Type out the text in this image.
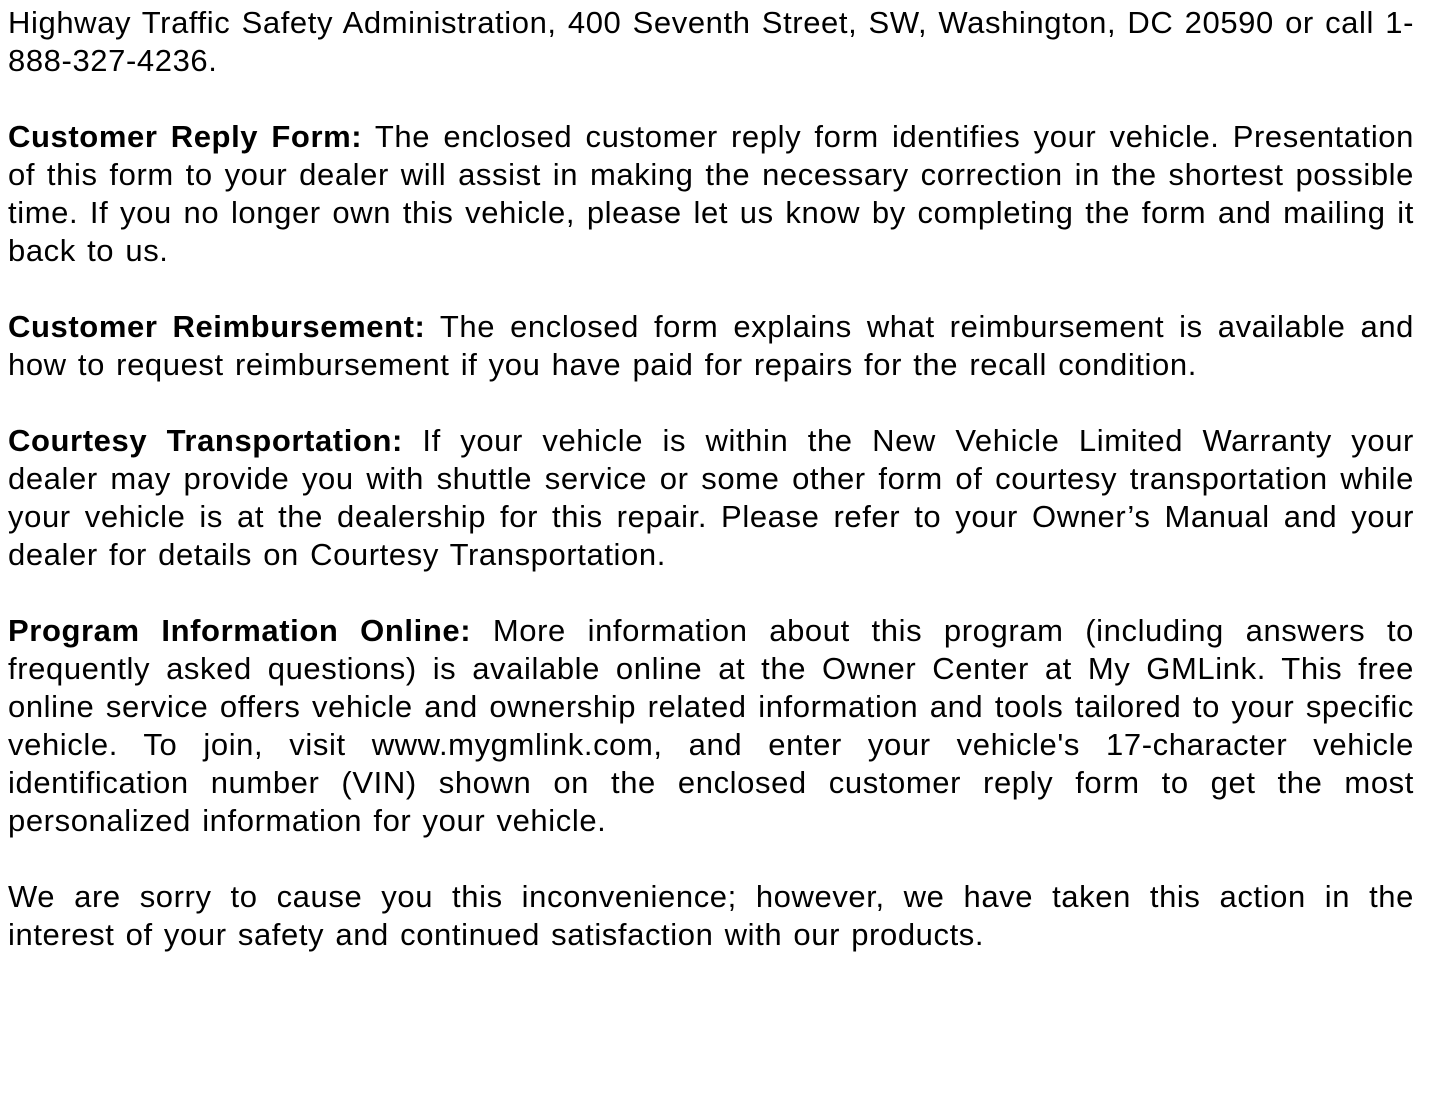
Highway Traffic Safety Administration, 400 Seventh Street, SW, Washington, DC 20590 or call 1-888-327-4236.

Customer Reply Form: The enclosed customer reply form identifies your vehicle. Presentation of this form to your dealer will assist in making the necessary correction in the shortest possible time. If you no longer own this vehicle, please let us know by completing the form and mailing it back to us.

Customer Reimbursement: The enclosed form explains what reimbursement is available and how to request reimbursement if you have paid for repairs for the recall condition.

Courtesy Transportation: If your vehicle is within the New Vehicle Limited Warranty your dealer may provide you with shuttle service or some other form of courtesy transportation while your vehicle is at the dealership for this repair. Please refer to your Owner’s Manual and your dealer for details on Courtesy Transportation.

Program Information Online: More information about this program (including answers to frequently asked questions) is available online at the Owner Center at My GMLink. This free online service offers vehicle and ownership related information and tools tailored to your specific vehicle. To join, visit www.mygmlink.com, and enter your vehicle's 17-character vehicle identification number (VIN) shown on the enclosed customer reply form to get the most personalized information for your vehicle.

We are sorry to cause you this inconvenience; however, we have taken this action in the interest of your safety and continued satisfaction with our products.
